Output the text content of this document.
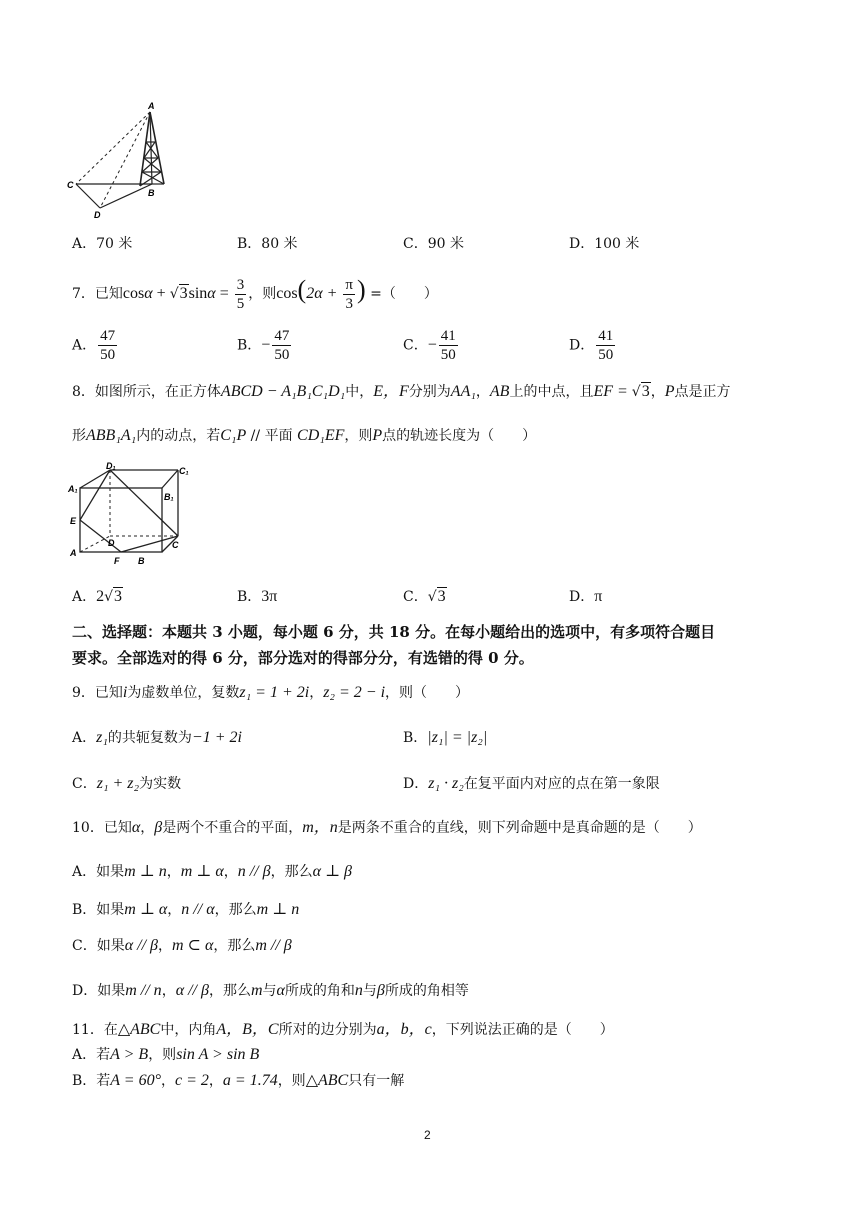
A
C
B
D
A．70 米	B．80 米	C．90 米	D．100 米
7．已知$\cos\alpha + √3\sin\alpha = \frac{3}{5}$ ，则$\cos(2\alpha + \frac{\pi}{3}$ ) =（　　）
A． $\frac{47}{50}$	B．− $\frac{47}{50}$	C．− $\frac{41}{50}$	D． $\frac{41}{50}$
8．如图所示，在正方体ABCD − A₁B₁C₁D₁中，E，F分别为AA₁，AB上的中点，且EF = √3，P点是正方
形ABB₁A₁内的动点，若C₁P // 平面 CD₁EF，则P点的轨迹长度为（　　）
D₁	C₁
A₁
B₁
E
D	C
A
F B
A．2√3	B．3π	C．√3	D．π
二、选择题：本题共 3 小题，每小题 6 分，共 18 分。在每小题给出的选项中，有多项符合题目
要求。全部选对的得 6 分，部分选对的得部分分，有选错的得 0 分。
9．已知i为虚数单位，复数z₁ = 1 + 2i，z₂ = 2 − i，则（　　）
A．z₁的共轭复数为−1 + 2i	B．|z₁| = |z₂|
C．z₁ + z₂为实数	D．z₁ · z₂在复平面内对应的点在第一象限
10．已知α，β是两个不重合的平面，m，n是两条不重合的直线，则下列命题中是真命题的是（　　）
A．如果m ⊥ n，m ⊥ α，n // β，那么α ⊥ β
B．如果m ⊥ α，n // α，那么m ⊥ n
C．如果α // β，m ⊂ α，那么m // β
D．如果m // n，α // β，那么m与α所成的角和n与β所成的角相等
11．在△ABC中，内角A，B，C所对的边分别为a，b，c，下列说法正确的是（　　）
A．若A > B，则sin A > sin B
B．若A = 60°，c = 2，a = 1.74，则△ABC只有一解
2
